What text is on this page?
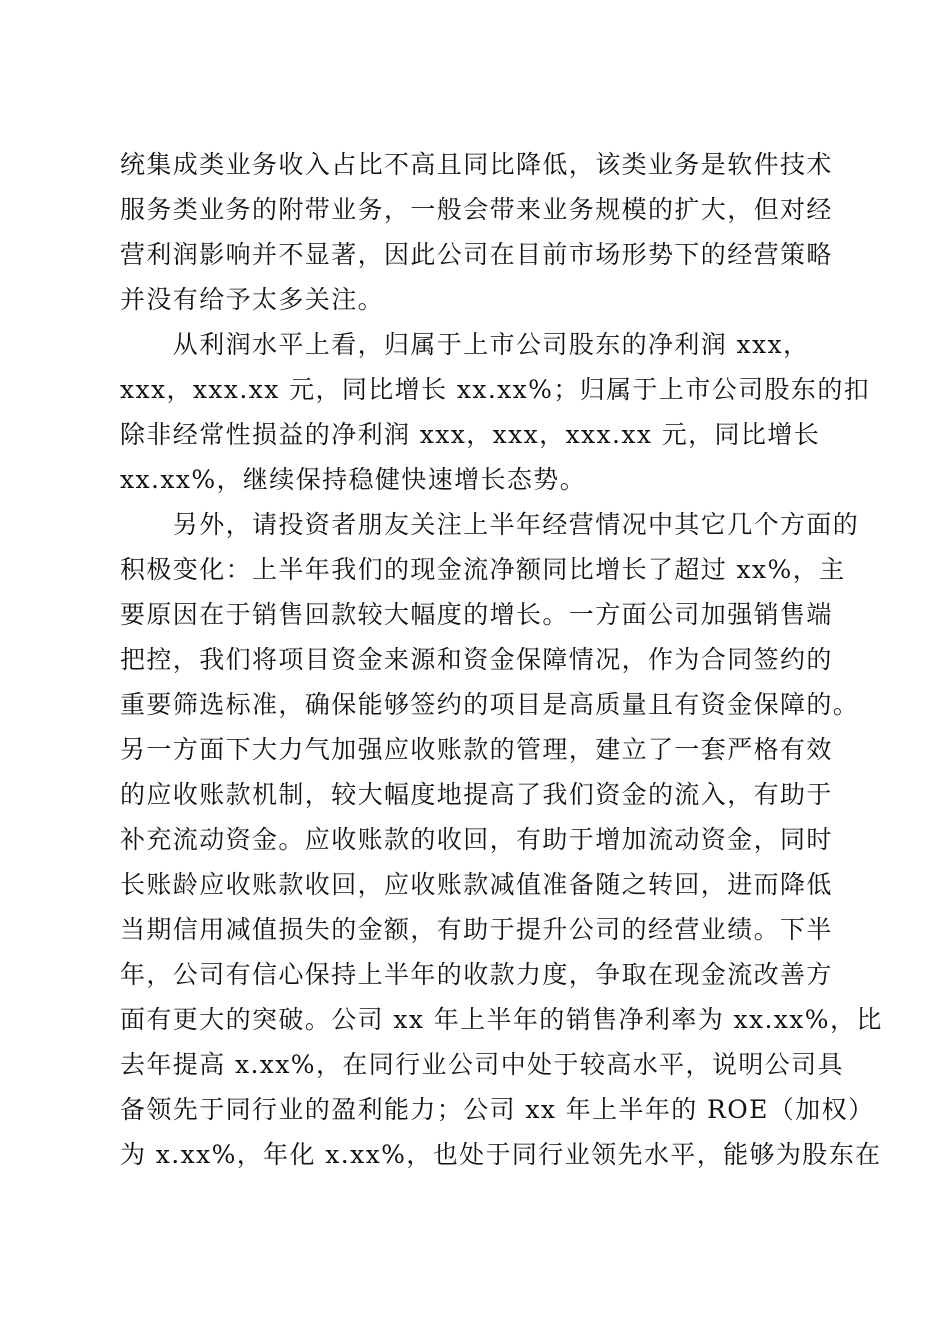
统集成类业务收入占比不高且同比降低，该类业务是软件技术
服务类业务的附带业务，一般会带来业务规模的扩大，但对经
营利润影响并不显著，因此公司在目前市场形势下的经营策略
并没有给予太多关注。
　　从利润水平上看，归属于上市公司股东的净利润 xxx，
xxx，xxx.xx 元，同比增长 xx.xx%；归属于上市公司股东的扣
除非经常性损益的净利润 xxx，xxx，xxx.xx 元，同比增长
xx.xx%，继续保持稳健快速增长态势。
　　另外，请投资者朋友关注上半年经营情况中其它几个方面的
积极变化：上半年我们的现金流净额同比增长了超过 xx%，主
要原因在于销售回款较大幅度的增长。一方面公司加强销售端
把控，我们将项目资金来源和资金保障情况，作为合同签约的
重要筛选标准，确保能够签约的项目是高质量且有资金保障的。
另一方面下大力气加强应收账款的管理，建立了一套严格有效
的应收账款机制，较大幅度地提高了我们资金的流入，有助于
补充流动资金。应收账款的收回，有助于增加流动资金，同时
长账龄应收账款收回，应收账款减值准备随之转回，进而降低
当期信用减值损失的金额，有助于提升公司的经营业绩。下半
年，公司有信心保持上半年的收款力度，争取在现金流改善方
面有更大的突破。公司 xx 年上半年的销售净利率为 xx.xx%，比
去年提高 x.xx%，在同行业公司中处于较高水平，说明公司具
备领先于同行业的盈利能力；公司 xx 年上半年的 ROE（加权）
为 x.xx%，年化 x.xx%，也处于同行业领先水平，能够为股东在
